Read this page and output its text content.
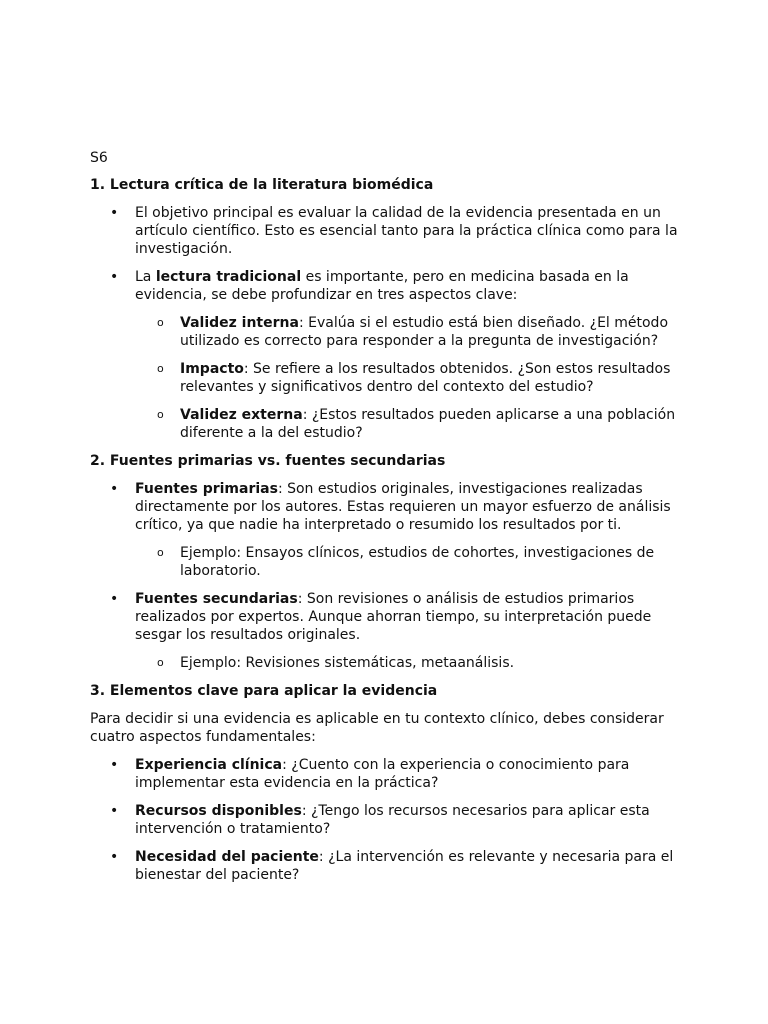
S6
1. Lectura crítica de la literatura biomédica
• El objetivo principal es evaluar la calidad de la evidencia presentada en un artículo científico. Esto es esencial tanto para la práctica clínica como para la investigación.
• La lectura tradicional es importante, pero en medicina basada en la evidencia, se debe profundizar en tres aspectos clave:
o Validez interna: Evalúa si el estudio está bien diseñado. ¿El método utilizado es correcto para responder a la pregunta de investigación?
o Impacto: Se refiere a los resultados obtenidos. ¿Son estos resultados relevantes y significativos dentro del contexto del estudio?
o Validez externa: ¿Estos resultados pueden aplicarse a una población diferente a la del estudio?
2. Fuentes primarias vs. fuentes secundarias
• Fuentes primarias: Son estudios originales, investigaciones realizadas directamente por los autores. Estas requieren un mayor esfuerzo de análisis crítico, ya que nadie ha interpretado o resumido los resultados por ti.
o Ejemplo: Ensayos clínicos, estudios de cohortes, investigaciones de laboratorio.
• Fuentes secundarias: Son revisiones o análisis de estudios primarios realizados por expertos. Aunque ahorran tiempo, su interpretación puede sesgar los resultados originales.
o Ejemplo: Revisiones sistemáticas, metaanálisis.
3. Elementos clave para aplicar la evidencia

Para decidir si una evidencia es aplicable en tu contexto clínico, debes considerar cuatro aspectos fundamentales:

• Experiencia clínica: ¿Cuento con la experiencia o conocimiento para implementar esta evidencia en la práctica?
• Recursos disponibles: ¿Tengo los recursos necesarios para aplicar esta intervención o tratamiento?
• Necesidad del paciente: ¿La intervención es relevante y necesaria para el bienestar del paciente?
